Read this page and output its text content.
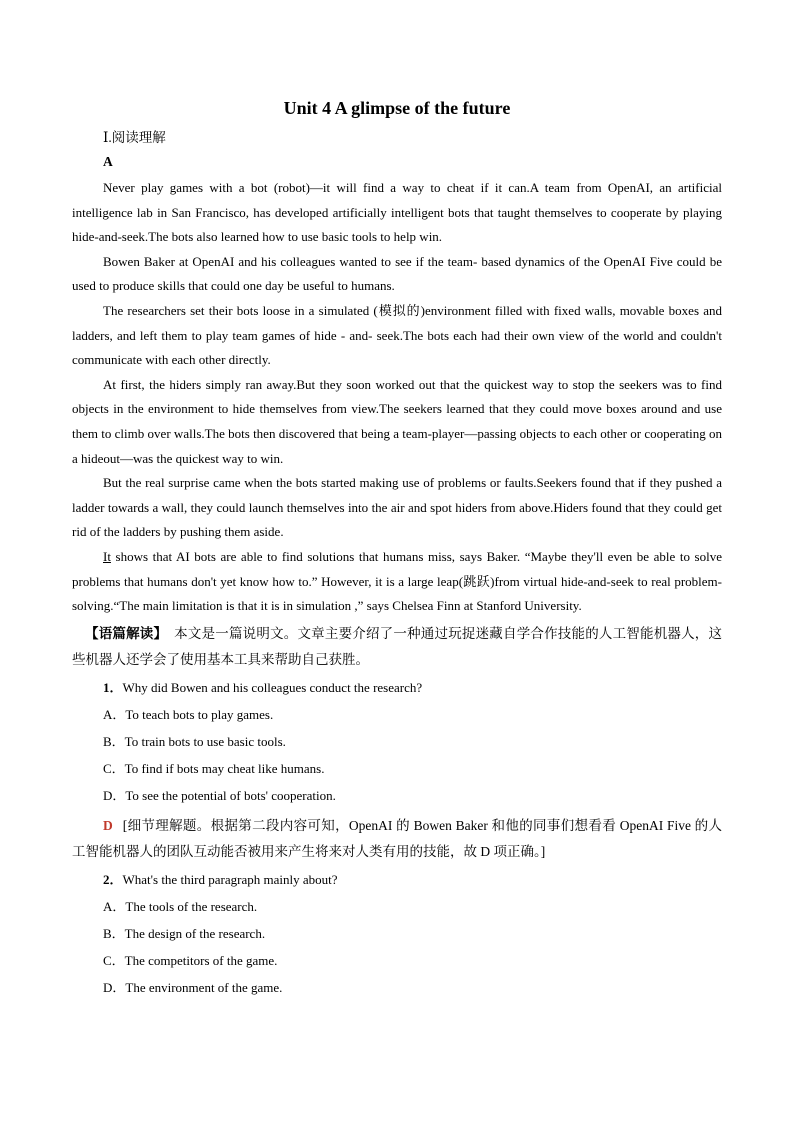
Unit 4 A glimpse of the future
Ⅰ.阅读理解
A

Never play games with a bot (robot)—it will find a way to cheat if it can.A team from OpenAI, an artificial intelligence lab in San Francisco, has developed artificially intelligent bots that taught themselves to cooperate by playing hide-and-seek.The bots also learned how to use basic tools to help win.

Bowen Baker at OpenAI and his colleagues wanted to see if the team- based dynamics of the OpenAI Five could be used to produce skills that could one day be useful to humans.

The researchers set their bots loose in a simulated (模拟的)environment filled with fixed walls, movable boxes and ladders, and left them to play team games of hide - and- seek.The bots each had their own view of the world and couldn't communicate with each other directly.

At first, the hiders simply ran away.But they soon worked out that the quickest way to stop the seekers was to find objects in the environment to hide themselves from view.The seekers learned that they could move boxes around and use them to climb over walls.The bots then discovered that being a team-player—passing objects to each other or cooperating on a hideout—was the quickest way to win.

But the real surprise came when the bots started making use of problems or faults.Seekers found that if they pushed a ladder towards a wall, they could launch themselves into the air and spot hiders from above.Hiders found that they could get rid of the ladders by pushing them aside.

It shows that AI bots are able to find solutions that humans miss, says Baker. “Maybe they'll even be able to solve problems that humans don't yet know how to.” However, it is a large leap(跳跃)from virtual hide-and-seek to real problem-solving.“The main limitation is that it is in simulation ,” says Chelsea Finn at Stanford University.

【语篇解读】　本文是一篇说明文。文章主要介绍了一种通过玩捉迷藏自学合作技能的人工智能机器人，这些机器人还学会了使用基本工具来帮助自己获胜。

1．Why did Bowen and his colleagues conduct the research?
A．To teach bots to play games.
B．To train bots to use basic tools.
C．To find if bots may cheat like humans.
D．To see the potential of bots' cooperation.

D [细节理解题。根据第二段内容可知，OpenAI 的 Bowen Baker 和他的同事们想看看 OpenAI Five 的人工智能机器人的团队互动能否被用来产生将来对人类有用的技能，故 D 项正确。]

2．What's the third paragraph mainly about?
A．The tools of the research.
B．The design of the research.
C．The competitors of the game.
D．The environment of the game.
